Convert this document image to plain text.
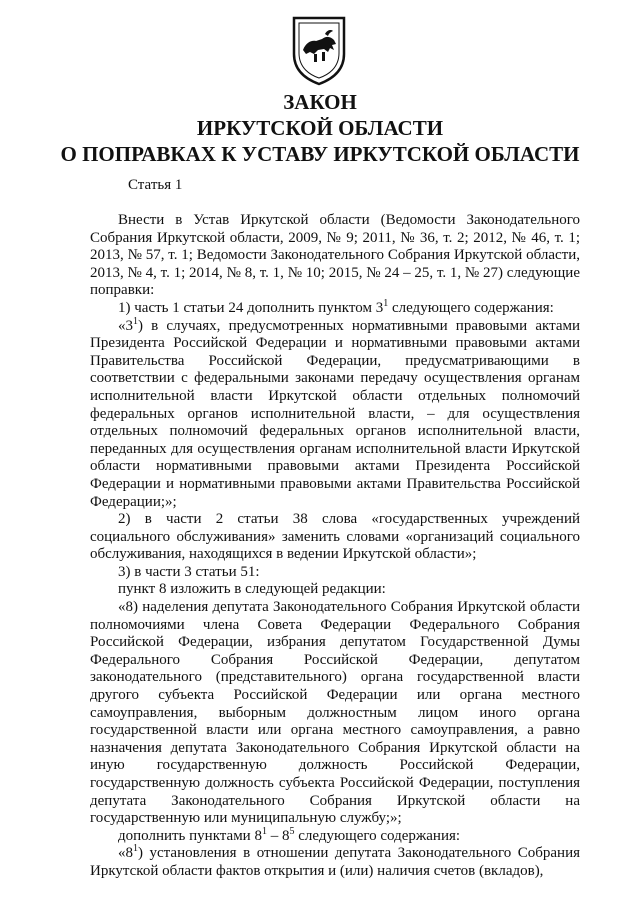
ЗАКОН
ИРКУТСКОЙ ОБЛАСТИ
О ПОПРАВКАХ К УСТАВУ ИРКУТСКОЙ ОБЛАСТИ
Статья 1

Внести в Устав Иркутской области (Ведомости Законодательного Собрания Иркутской области, 2009, № 9; 2011, № 36, т. 2; 2012, № 46, т. 1; 2013, № 57, т. 1; Ведомости Законодательного Собрания Иркутской области, 2013, № 4, т. 1; 2014, № 8, т. 1, № 10; 2015, № 24 – 25, т. 1, № 27) следующие поправки:

1) часть 1 статьи 24 дополнить пунктом $3^1$ следующего содержания:

«$3^1$) в случаях, предусмотренных нормативными правовыми актами Президента Российской Федерации и нормативными правовыми актами Правительства Российской Федерации, предусматривающими в соответствии с федеральными законами передачу осуществления органам исполнительной власти Иркутской области отдельных полномочий федеральных органов исполнительной власти, – для осуществления отдельных полномочий федеральных органов исполнительной власти, переданных для осуществления органам исполнительной власти Иркутской области нормативными правовыми актами Президента Российской Федерации и нормативными правовыми актами Правительства Российской Федерации;»;

2) в части 2 статьи 38 слова «государственных учреждений социального обслуживания» заменить словами «организаций социального обслуживания, находящихся в ведении Иркутской области»;

3) в части 3 статьи 51:

пункт 8 изложить в следующей редакции:

«8) наделения депутата Законодательного Собрания Иркутской области полномочиями члена Совета Федерации Федерального Собрания Российской Федерации, избрания депутатом Государственной Думы Федерального Собрания Российской Федерации, депутатом законодательного (представительного) органа государственной власти другого субъекта Российской Федерации или органа местного самоуправления, выборным должностным лицом иного органа государственной власти или органа местного самоуправления, а равно назначения депутата Законодательного Собрания Иркутской области на иную государственную должность Российской Федерации, государственную должность субъекта Российской Федерации, поступления депутата Законодательного Собрания Иркутской области на государственную или муниципальную службу;»;

дополнить пунктами $8^1 - 8^5$ следующего содержания:

«$8^1$) установления в отношении депутата Законодательного Собрания Иркутской области фактов открытия и (или) наличия счетов (вкладов),
